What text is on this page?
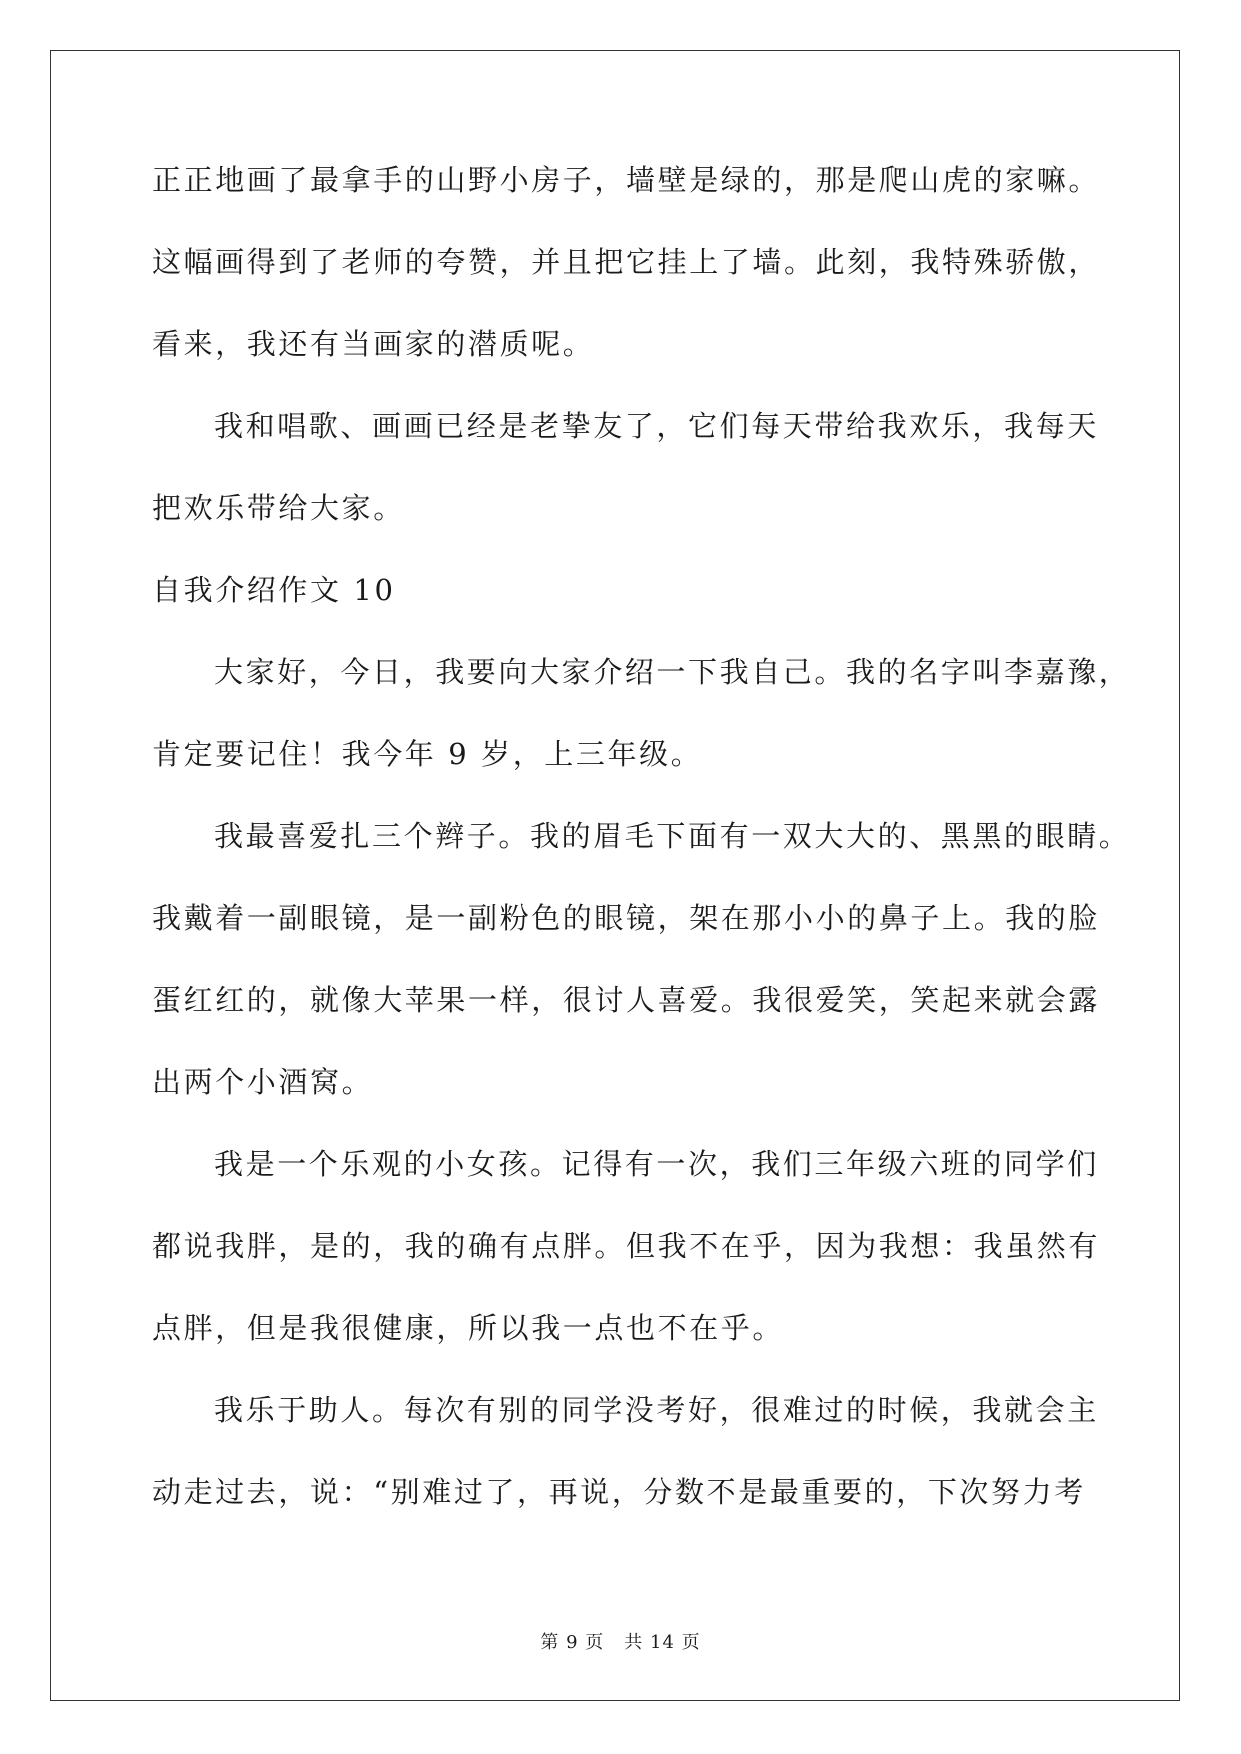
正正地画了最拿手的山野小房子，墙壁是绿的，那是爬山虎的家嘛。
这幅画得到了老师的夸赞，并且把它挂上了墙。此刻，我特殊骄傲，
看来，我还有当画家的潜质呢。
我和唱歌、画画已经是老挚友了，它们每天带给我欢乐，我每天
把欢乐带给大家。
自我介绍作文 10
大家好，今日，我要向大家介绍一下我自己。我的名字叫李嘉豫，
肯定要记住！我今年 9 岁，上三年级。
我最喜爱扎三个辫子。我的眉毛下面有一双大大的、黑黑的眼睛。
我戴着一副眼镜，是一副粉色的眼镜，架在那小小的鼻子上。我的脸
蛋红红的，就像大苹果一样，很讨人喜爱。我很爱笑，笑起来就会露
出两个小酒窝。
我是一个乐观的小女孩。记得有一次，我们三年级六班的同学们
都说我胖，是的，我的确有点胖。但我不在乎，因为我想：我虽然有
点胖，但是我很健康，所以我一点也不在乎。
我乐于助人。每次有别的同学没考好，很难过的时候，我就会主
动走过去，说：“别难过了，再说，分数不是最重要的，下次努力考
第 9 页 共 14 页
